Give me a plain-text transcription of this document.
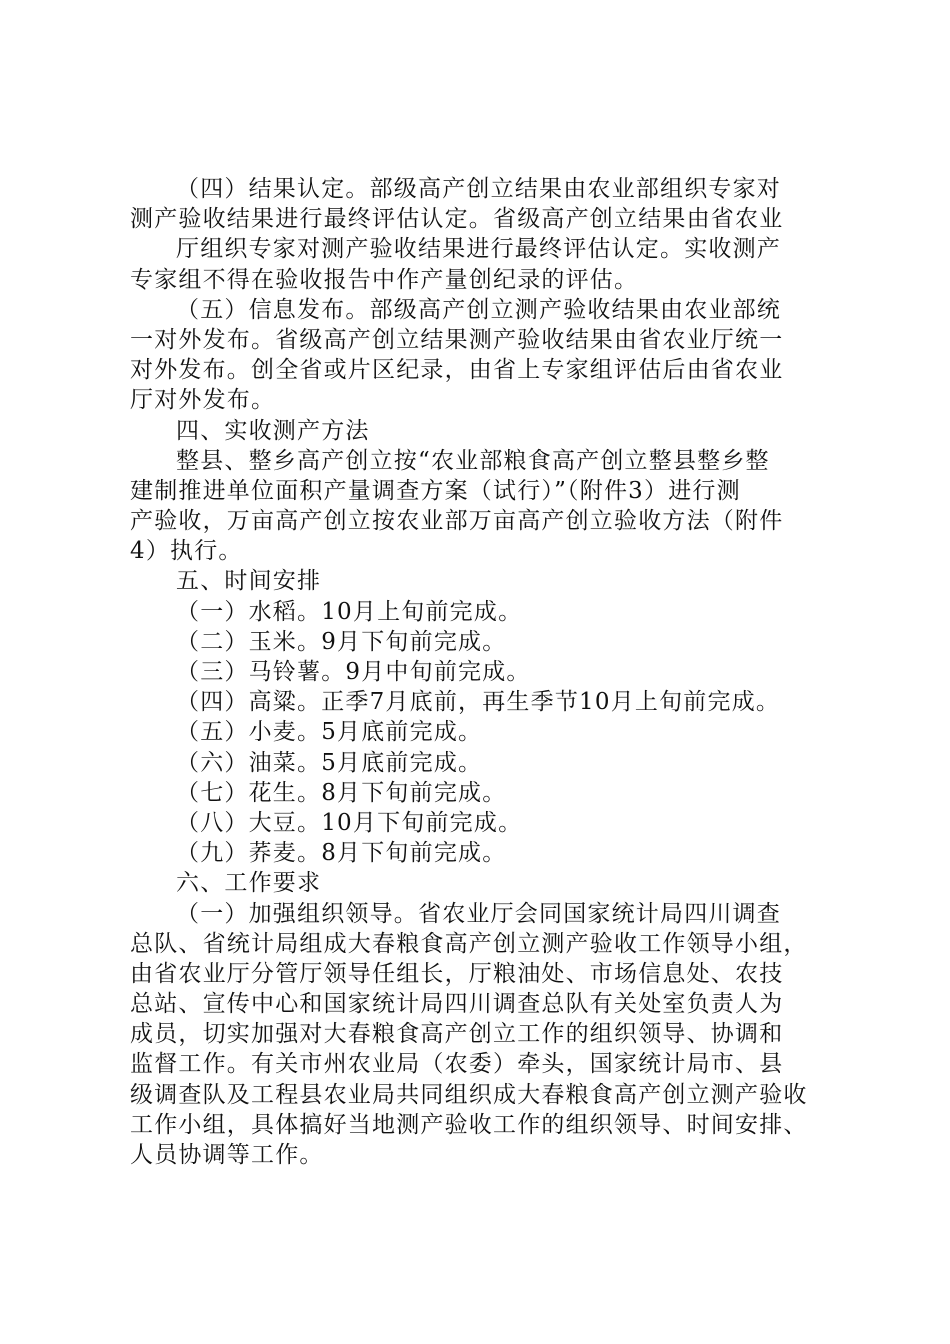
（四）结果认定。部级高产创立结果由农业部组织专家对
测产验收结果进行最终评估认定。省级高产创立结果由省农业
厅组织专家对测产验收结果进行最终评估认定。实收测产
专家组不得在验收报告中作产量创纪录的评估。
（五）信息发布。部级高产创立测产验收结果由农业部统
一对外发布。省级高产创立结果测产验收结果由省农业厅统一
对外发布。创全省或片区纪录，由省上专家组评估后由省农业
厅对外发布。
四、实收测产方法
整县、整乡高产创立按“农业部粮食高产创立整县整乡整
建制推进单位面积产量调查方案（试行）”（附件3）进行测
产验收，万亩高产创立按农业部万亩高产创立验收方法（附件
4）执行。
五、时间安排
（一）水稻。10月上旬前完成。
（二）玉米。9月下旬前完成。
（三）马铃薯。9月中旬前完成。
（四）高粱。正季7月底前，再生季节10月上旬前完成。
（五）小麦。5月底前完成。
（六）油菜。5月底前完成。
（七）花生。8月下旬前完成。
（八）大豆。10月下旬前完成。
（九）荞麦。8月下旬前完成。
六、工作要求
（一）加强组织领导。省农业厅会同国家统计局四川调查
总队、省统计局组成大春粮食高产创立测产验收工作领导小组，
由省农业厅分管厅领导任组长，厅粮油处、市场信息处、农技
总站、宣传中心和国家统计局四川调查总队有关处室负责人为
成员，切实加强对大春粮食高产创立工作的组织领导、协调和
监督工作。有关市州农业局（农委）牵头，国家统计局市、县
级调查队及工程县农业局共同组织成大春粮食高产创立测产验收
工作小组，具体搞好当地测产验收工作的组织领导、时间安排、
人员协调等工作。
